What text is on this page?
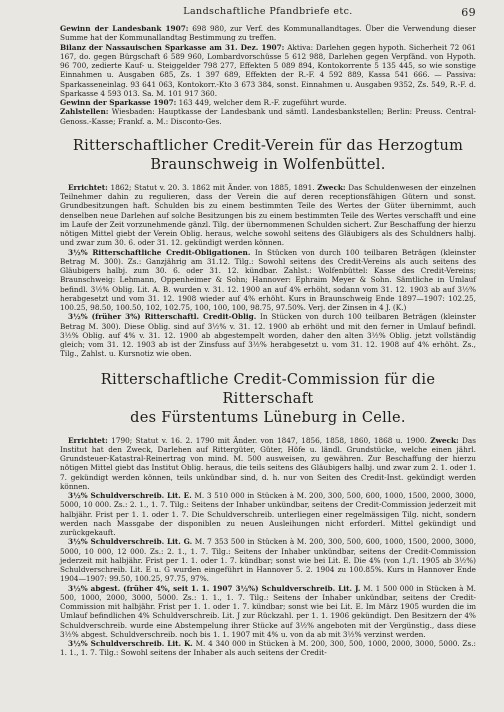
Landschaftliche Pfandbriefe etc.	69

Gewinn der Landesbank 1907: 698 980, zur Verf. des Kommunallandtages. Über die Verwendung dieser Summe hat der Kommunallandtag Bestimmung zu treffen.

Bilanz der Nassauischen Sparkasse am 31. Dez. 1907: Aktiva: Darlehen gegen hypoth. Sicherheit 72 061 167, do. gegen Bürgschaft 6 589 960, Lombardvorschüsse 5 612 988, Darlehen gegen Verpfänd. von Hypoth. 96 700, zedierte Kauf- u. Steiggelder 798 277, Effekten 5 089 894, Kontokorrente 5 135 445, so wie sonstige Einnahmen u. Ausgaben 685, Zs. 1 397 689, Effekten der R.-F. 4 592 889, Kassa 541 666. — Passiva: Sparkasseneinlag. 93 641 063, Kontokorr.-Kto 3 673 384, sonst. Einnahmen u. Ausgaben 9352, Zs. 549, R.-F. d. Sparkasse 4 593 013. Sa. M. 101 917 360.

Gewinn der Sparkasse 1907: 163 449, welcher dem R.-F. zugeführt wurde.

Zahlstellen: Wiesbaden: Hauptkasse der Landesbank und sämtl. Landesbankstellen; Berlin: Preuss. Central-Genoss.-Kasse; Frankf. a. M.: Disconto-Ges.

Ritterschaftlicher Credit-Verein für das Herzogtum
Braunschweig in Wolfenbüttel.

Errichtet: 1862; Statut v. 20. 3. 1862 mit Änder. von 1885, 1891. Zweck: Das Schuldenwesen der einzelnen Teilnehmer dahin zu regulieren, dass der Verein die auf deren receptionsfähigen Gütern und sonst. Grundbesitzungen haft. Schulden bis zu einem bestimmten Teile des Wertes der Güter übernimmt, auch denselben neue Darlehen auf solche Besitzungen bis zu einem bestimmten Teile des Wertes verschafft und eine im Laufe der Zeit vorzunehmende gänzl. Tilg. der übernommenen Schulden sichert. Zur Beschaffung der hierzu nötigen Mittel giebt der Verein Oblig. heraus, welche sowohl seitens des Gläubigers als des Schuldners halbj. und zwar zum 30. 6. oder 31. 12. gekündigt werden können.

3½% Ritterschaftliche Credit-Obligationen. In Stücken von durch 100 teilbaren Beträgen (kleinster Betrag M. 300). Zs.: Ganzjährig am 31.12. Tilg.: Sowohl seitens des Credit-Vereins als auch seitens des Gläubigers halbj. zum 30. 6. oder 31. 12. kündbar. Zahlst.: Wolfenbüttel: Kasse des Credit-Vereins; Braunschweig: Lehmann, Oppenheimer & Sohn; Hannover: Ephraim Meyer & Sohn. Sämtliche in Umlauf befindl. 3½% Oblig. Lit. A. B. wurden v. 31. 12. 1900 an auf 4% erhöht, sodann vom 31. 12. 1903 ab auf 3½% herabgesetzt und vom 31. 12. 1908 wieder auf 4% erhöht. Kurs in Braunschweig Ende 1897—1907: 102.25, 100.25, 98.50, 100.50, 102, 102.75, 100, 100, 100, 98.75, 97.50%. Verj. der Zinsen in 4 J. (K.)

3½% (früher 3%) Ritterschaftl. Credit-Oblig. In Stücken von durch 100 teilbaren Beträgen (kleinster Betrag M. 300). Diese Oblig. sind auf 3½% v. 31. 12. 1900 ab erhöht und mit den ferner in Umlauf befindl. 3½% Oblig. auf 4% v. 31. 12. 1900 ab abgestempelt worden, daher den alten 3½% Oblig. jetzt vollständig gleich; vom 31. 12. 1903 ab ist der Zinsfuss auf 3½% herabgesetzt u. vom 31. 12. 1908 auf 4% erhöht. Zs., Tilg., Zahlst. u. Kursnotiz wie oben.

Ritterschaftliche Credit-Commission für die Ritterschaft
des Fürstentums Lüneburg in Celle.

Errichtet: 1790; Statut v. 16. 2. 1790 mit Änder. von 1847, 1856, 1858, 1860, 1868 u. 1900. Zweck: Das Institut hat den Zweck, Darlehen auf Rittergüter, Güter, Höfe u. ländl. Grundstücke, welche einen jährl. Grundsteuer-Katastral-Reinertrag von mind. M. 500 ausweisen, zu gewähren. Zur Beschaffung der hierzu nötigen Mittel giebt das Institut Oblig. heraus, die teils seitens des Gläubigers halbj. und zwar zum 2. 1. oder 1. 7. gekündigt werden können, teils unkündbar sind, d. h. nur von Seiten des Credit-Inst. gekündigt werden können.

3½% Schuldverschreib. Lit. E. M. 3 510 000 in Stücken à M. 200, 300, 500, 600, 1000, 1500, 2000, 3000, 5000, 10 000. Zs.: 2. 1., 1. 7. Tilg.: Seitens der Inhaber unkündbar, seitens der Credit-Commission jederzeit mit halbjähr. Frist per 1. 1. oder 1. 7. Die Schuldverschreib. unterliegen einer regelmässigen Tilg. nicht, sondern werden nach Massgabe der disponiblen zu neuen Ausleihungen nicht erforderl. Mittel gekündigt und zurückgekauft.

3½% Schuldverschreib. Lit. G. M. 7 353 500 in Stücken à M. 200, 300, 500, 600, 1000, 1500, 2000, 3000, 5000, 10 000, 12 000. Zs.: 2. 1., 1. 7. Tilg.: Seitens der Inhaber unkündbar, seitens der Credit-Commission jederzeit mit halbjähr. Frist per 1. 1. oder 1. 7. kündbar; sonst wie bei Lit. E. Die 4% (von 1./1. 1905 ab 3½%) Schuldverschreib. Lit. E u. G wurden eingeführt in Hannover 5. 2. 1904 zu 100.85%. Kurs in Hannover Ende 1904—1907: 99.50, 100.25, 97.75, 97%.

3½% abgest. (früher 4%, seit 1. 1. 1907 3½%) Schuldverschreib. Lit. J. M. 1 500 000 in Stücken à M. 500, 1000, 2000, 3000, 5000. Zs.: 1. 1., 1. 7. Tilg.: Seitens der Inhaber unkündbar, seitens der Credit-Commission mit halbjähr. Frist per 1. 1. oder 1. 7. kündbar; sonst wie bei Lit. E. Im März 1905 wurden die im Umlauf befindlichen 4% Schuldverschreib. Lit. J zur Rückzahl. per 1. 1. 1906 gekündigt. Den Besitzern der 4% Schuldverschreib. wurde eine Abstempelung ihrer Stücke auf 3½% angeboten mit der Vergünstig., dass diese 3½% abgest. Schuldverschreib. noch bis 1. 1. 1907 mit 4% u. von da ab mit 3½% verzinst werden.

3½% Schuldverschreib. Lit. K. M. 4 340 000 in Stücken à M. 200, 300, 500, 1000, 2000, 3000, 5000. Zs.: 1. 1., 1. 7. Tilg.: Sowohl seitens der Inhaber als auch seitens der Credit-
